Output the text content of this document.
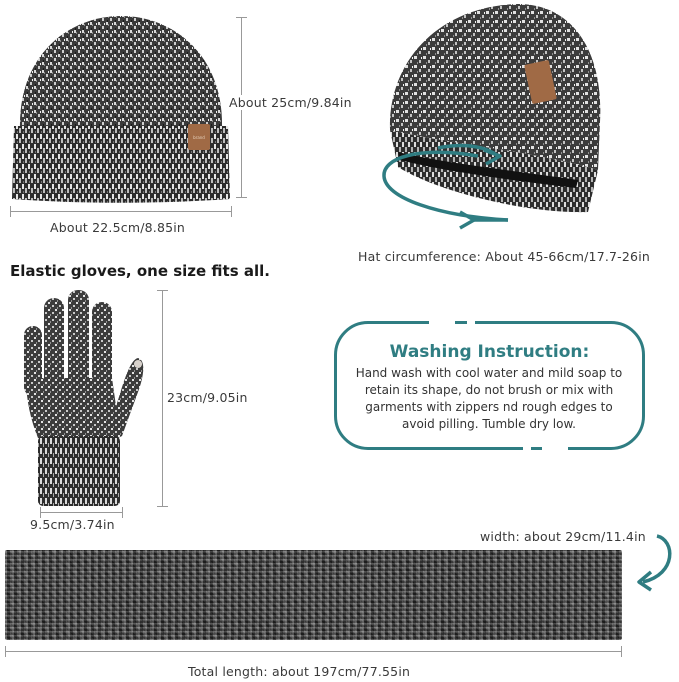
brand
About 25cm/9.84in
About 22.5cm/8.85in
Hat circumference: About 45-66cm/17.7-26in
Elastic gloves, one size fits all.
23cm/9.05in
9.5cm/3.74in
Washing Instruction:
Hand wash with cool water and mild soap to retain its shape, do not brush or mix with garments with zippers nd rough edges to avoid pilling. Tumble dry low.
width: about 29cm/11.4in
Total length: about 197cm/77.55in
